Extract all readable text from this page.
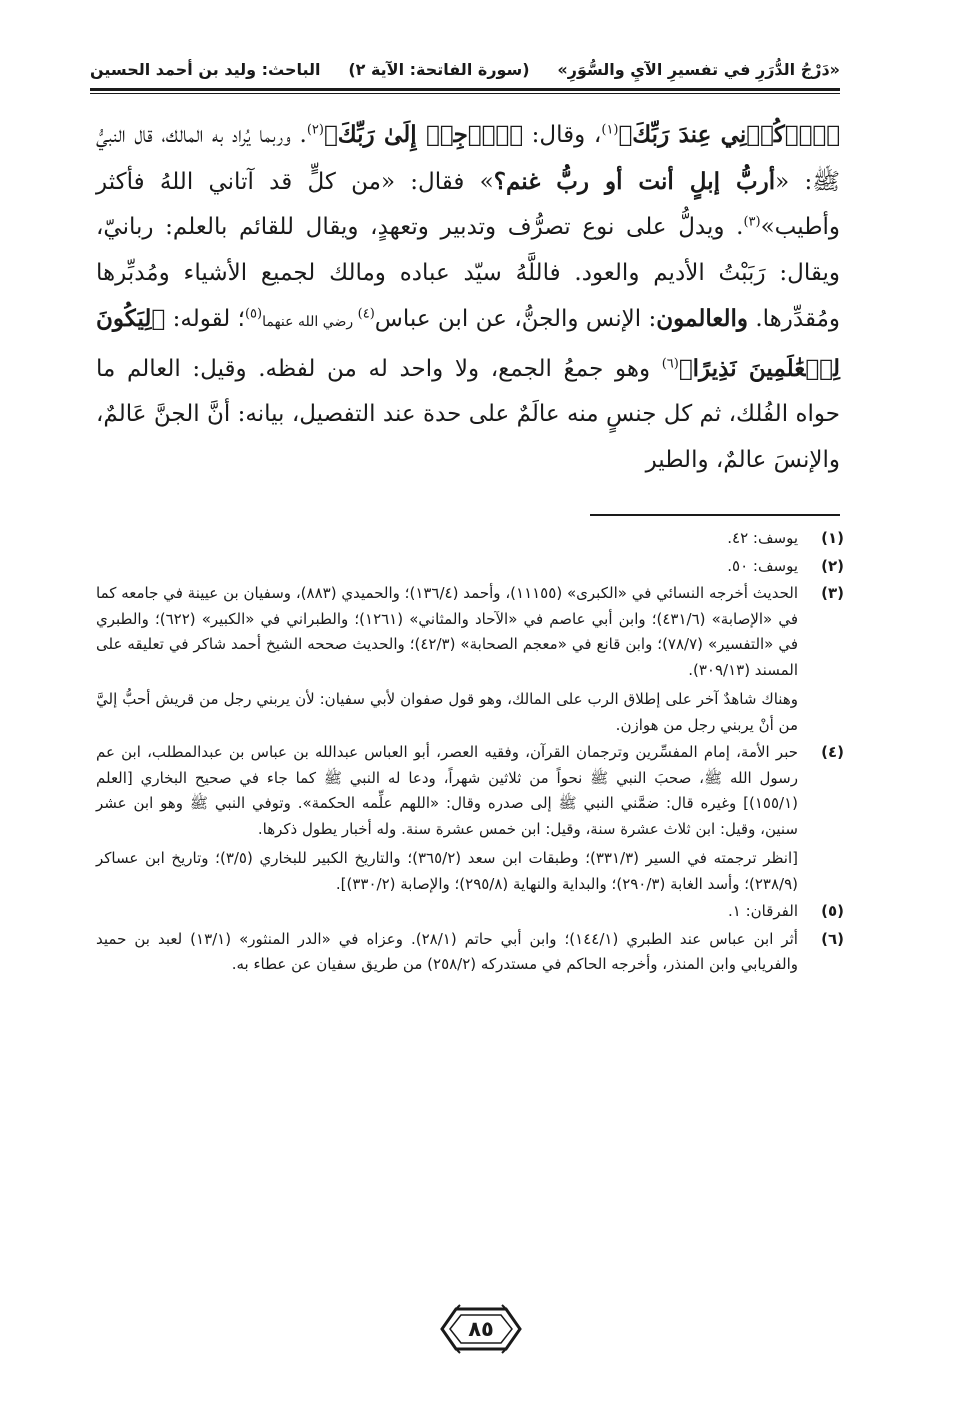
«دَرْجُ الدُّرَرِ في تفسيرِ الآيِ والسُّوَرِ»
(سورة الفاتحة: الآية ٢)
الباحث: وليد بن أحمد الحسين

﴿ٱذۡكُرۡنِي عِندَ رَبِّكَ﴾$^{(١)}$، وقال: ﴿ٱرۡجِعۡ إِلَىٰ رَبِّكَ﴾$^{(٢)}$. وربما يُراد به المالك، قال النبيُّ ﷺ: «أربُّ إبلٍ أنت أو ربُّ غنم؟» فقال: «من كلٍّ قد آتاني اللهُ فأكثر وأطيب»$^{(٣)}$. ويدلُّ على نوع تصرُّف وتدبير وتعهدٍ، ويقال للقائم بالعلم: ربانيّ، ويقال: رَبَبْتُ الأديم والعود. فاللَّهُ سيّد عباده ومالك لجميع الأشياء ومُدبِّرها ومُقدِّرها. والعالمون: الإنس والجنُّ، عن ابن عباس$^{(٤)}$ رضي الله عنهما$^{(٥)}$؛ لقوله: ﴿لِيَكُونَ لِلۡعَٰلَمِينَ نَذِيرًا﴾$^{(٦)}$ وهو جمعُ الجمع، ولا واحد له من لفظه. وقيل: العالم ما حواه الفُلك، ثم كل جنسٍ منه عالَمٌ على حدة عند التفصيل، بيانه: أنَّ الجنَّ عَالمٌ، والإنسَ عالمٌ، والطير

(١)

يوسف: ٤٢.

(٢)

يوسف: ٥٠.

(٣)

الحديث أخرجه النسائي في «الكبرى» (١١١٥٥)، وأحمد (١٣٦/٤)؛ والحميدي (٨٨٣)، وسفيان بن عيينة في جامعه كما في «الإصابة» (٤٣١/٦)؛ وابن أبي عاصم في «الآحاد والمثاني» (١٢٦١)؛ والطبراني في «الكبير» (٦٢٢)؛ والطبري في «التفسير» (٧٨/٧)؛ وابن قانع في «معجم الصحابة» (٤٢/٣)؛ والحديث صححه الشيخ أحمد شاكر في تعليقه على المسند (٣٠٩/١٣).

وهناك شاهدٌ آخر على إطلاق الرب على المالك، وهو قول صفوان لأبي سفيان: لأن يربني رجل من قريش أحبُّ إليَّ من أنْ يربني رجل من هوازن.

(٤)

حبر الأمة، إمام المفسِّرين وترجمان القرآن، وفقيه العصر، أبو العباس عبدالله بن عباس بن عبدالمطلب، ابن عم رسول الله ﷺ، صحبَ النبي ﷺ نحواً من ثلاثين شهراً، ودعا له النبي ﷺ كما جاء في صحيح البخاري [العلم (١٥٥/١)] وغيره قال: ضمَّني النبي ﷺ إلى صدره وقال: «اللهم علِّمه الحكمة». وتوفي النبي ﷺ وهو ابن عشر سنين، وقيل: ابن ثلاث عشرة سنة، وقيل: ابن خمس عشرة سنة. وله أخبار يطول ذكرها.

[انظر ترجمته في السير (٣٣١/٣)؛ وطبقات ابن سعد (٣٦٥/٢)؛ والتاريخ الكبير للبخاري (٣/٥)؛ وتاريخ ابن عساكر (٢٣٨/٩)؛ وأسد الغابة (٢٩٠/٣)؛ والبداية والنهاية (٢٩٥/٨)؛ والإصابة (٣٣٠/٢)].

(٥)

الفرقان: ١.

(٦)

أثر ابن عباس عند الطبري (١٤٤/١)؛ وابن أبي حاتم (٢٨/١). وعزاه في «الدر المنثور» (١٣/١) لعبد بن حميد والفريابي وابن المنذر، وأخرجه الحاكم في مستدركه (٢٥٨/٢) من طريق سفيان عن عطاء به.

٨٥
